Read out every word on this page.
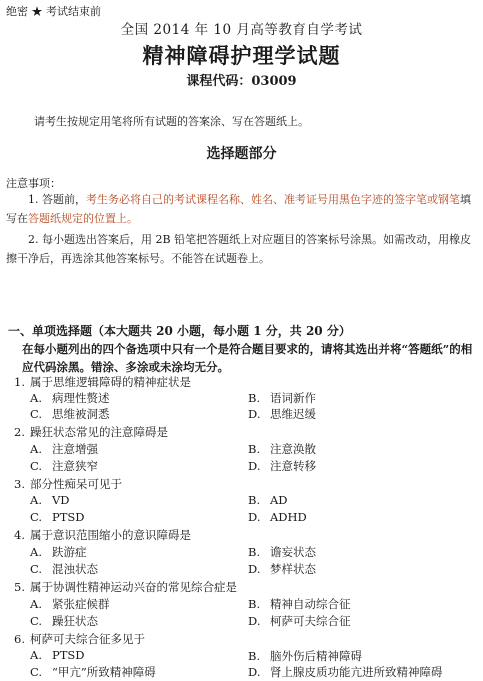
绝密 ★ 考试结束前
全国 2014 年 10 月高等教育自学考试
精神障碍护理学试题
课程代码：03009
请考生按规定用笔将所有试题的答案涂、写在答题纸上。
选择题部分
注意事项：
1. 答题前，考生务必将自己的考试课程名称、姓名、准考证号用黑色字迹的签字笔或钢笔填写在答题纸规定的位置上。
2. 每小题选出答案后，用 2B 铅笔把答题纸上对应题目的答案标号涂黑。如需改动，用橡皮擦干净后，再选涂其他答案标号。不能答在试题卷上。
一、单项选择题（本大题共 20 小题，每小题 1 分，共 20 分）
在每小题列出的四个备选项中只有一个是符合题目要求的，请将其选出并将“答题纸”的相应代码涂黑。错涂、多涂或未涂均无分。
1 . 属于思维逻辑障碍的精神症状是
A . 病理性赘述	B . 语词新作
C . 思维被洞悉	D . 思维迟缓
2 . 躁狂状态常见的注意障碍是
A . 注意增强	B . 注意涣散
C . 注意狭窄	D . 注意转移
3 . 部分性痴呆可见于
A . VD	B . AD
C . PTSD	D . ADHD
4 . 属于意识范围缩小的意识障碍是
A . 趺游症	B . 谵妄状态
C . 混浊状态	D . 梦样状态
5 . 属于协调性精神运动兴奋的常见综合症是
A . 紧张症候群	B . 精神自动综合征
C . 躁狂状态	D . 柯萨可夫综合征
6 . 柯萨可夫综合征多见于
A . PTSD	B . 脑外伤后精神障碍
C . “甲亢”所致精神障碍	D . 肾上腺皮质功能亢进所致精神障碍
